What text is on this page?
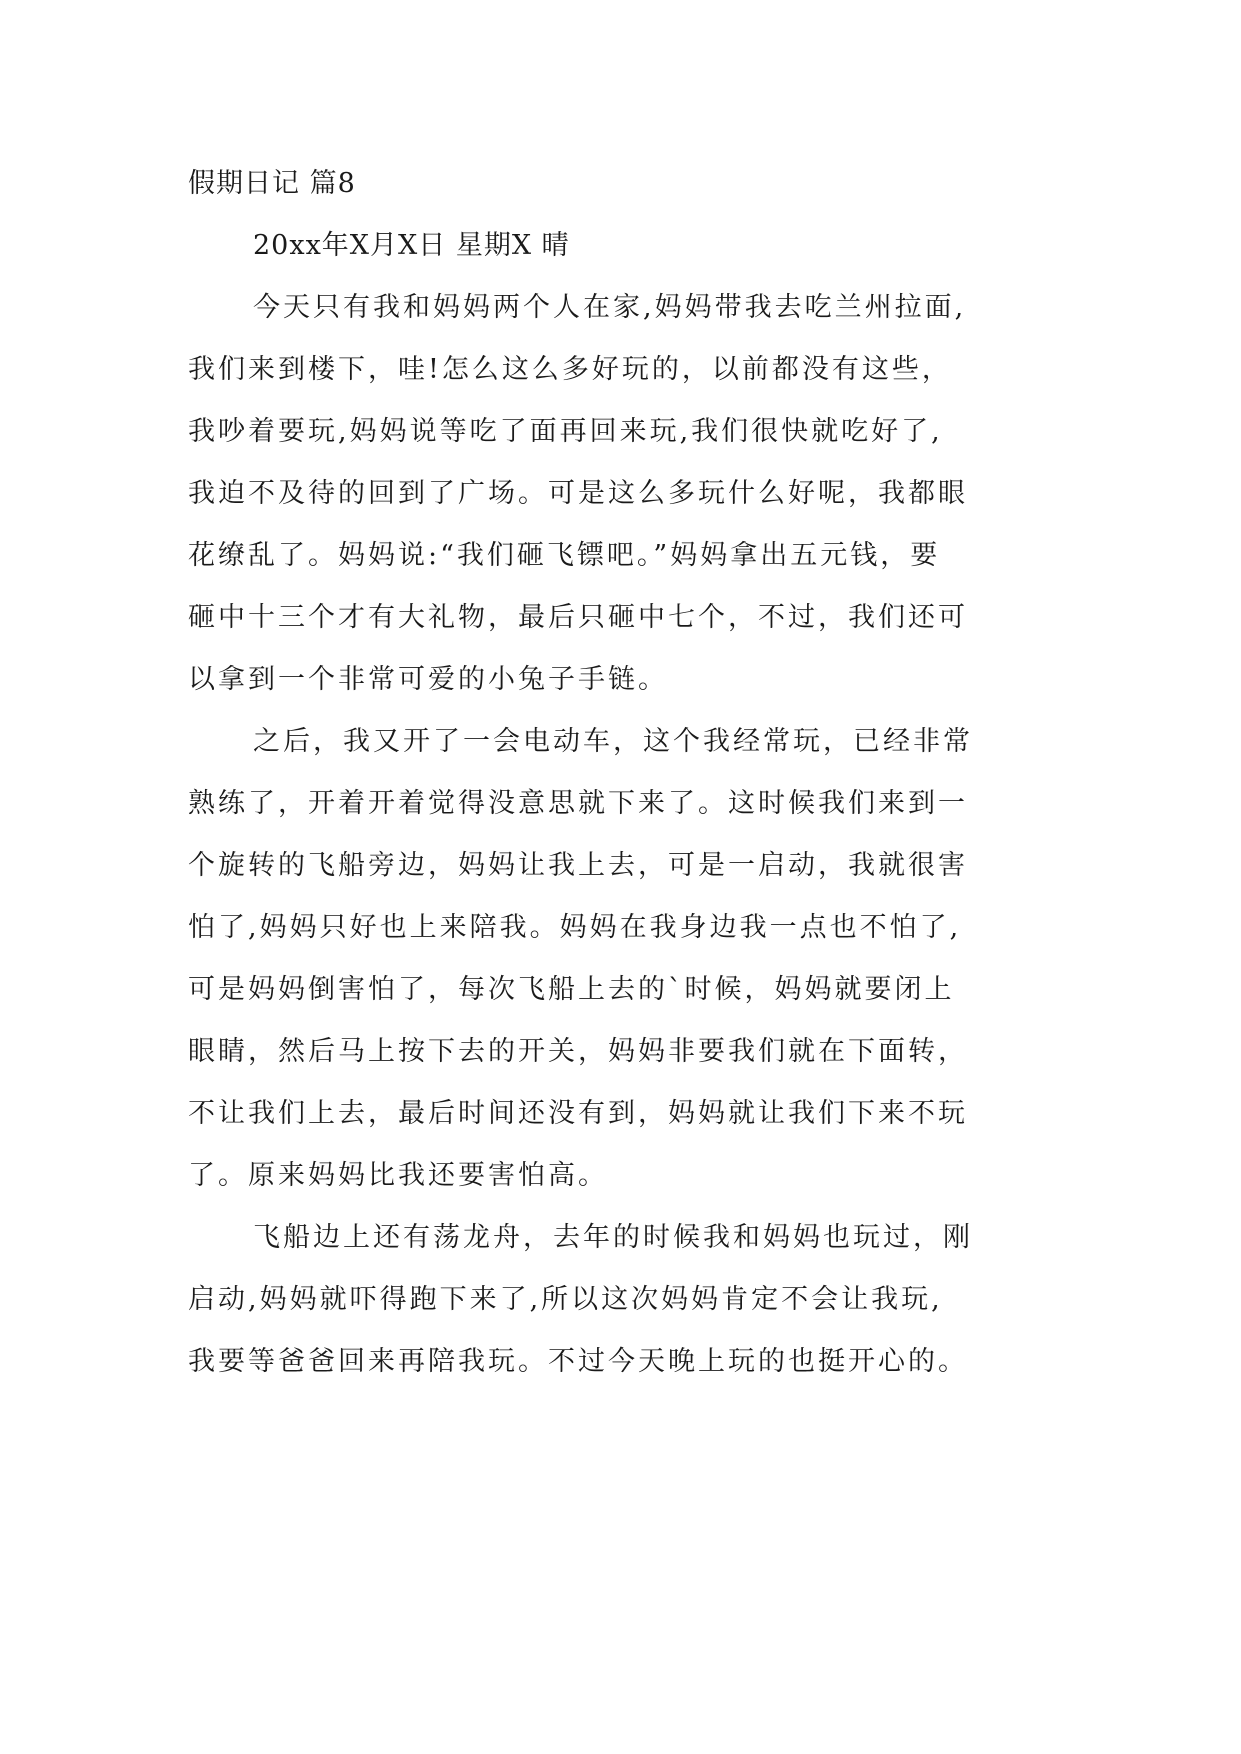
假期日记 篇8
20xx年X月X日 星期X 晴
今天只有我和妈妈两个人在家,妈妈带我去吃兰州拉面,
我们来到楼下，哇!怎么这么多好玩的，以前都没有这些，
我吵着要玩,妈妈说等吃了面再回来玩,我们很快就吃好了,
我迫不及待的回到了广场。可是这么多玩什么好呢，我都眼
花缭乱了。妈妈说:“我们砸飞镖吧。”妈妈拿出五元钱，要
砸中十三个才有大礼物，最后只砸中七个，不过，我们还可
以拿到一个非常可爱的小兔子手链。
之后，我又开了一会电动车，这个我经常玩，已经非常
熟练了，开着开着觉得没意思就下来了。这时候我们来到一
个旋转的飞船旁边，妈妈让我上去，可是一启动，我就很害
怕了,妈妈只好也上来陪我。妈妈在我身边我一点也不怕了,
可是妈妈倒害怕了，每次飞船上去的`时候，妈妈就要闭上
眼睛，然后马上按下去的开关，妈妈非要我们就在下面转，
不让我们上去，最后时间还没有到，妈妈就让我们下来不玩
了。原来妈妈比我还要害怕高。
飞船边上还有荡龙舟，去年的时候我和妈妈也玩过，刚
启动,妈妈就吓得跑下来了,所以这次妈妈肯定不会让我玩,
我要等爸爸回来再陪我玩。不过今天晚上玩的也挺开心的。
